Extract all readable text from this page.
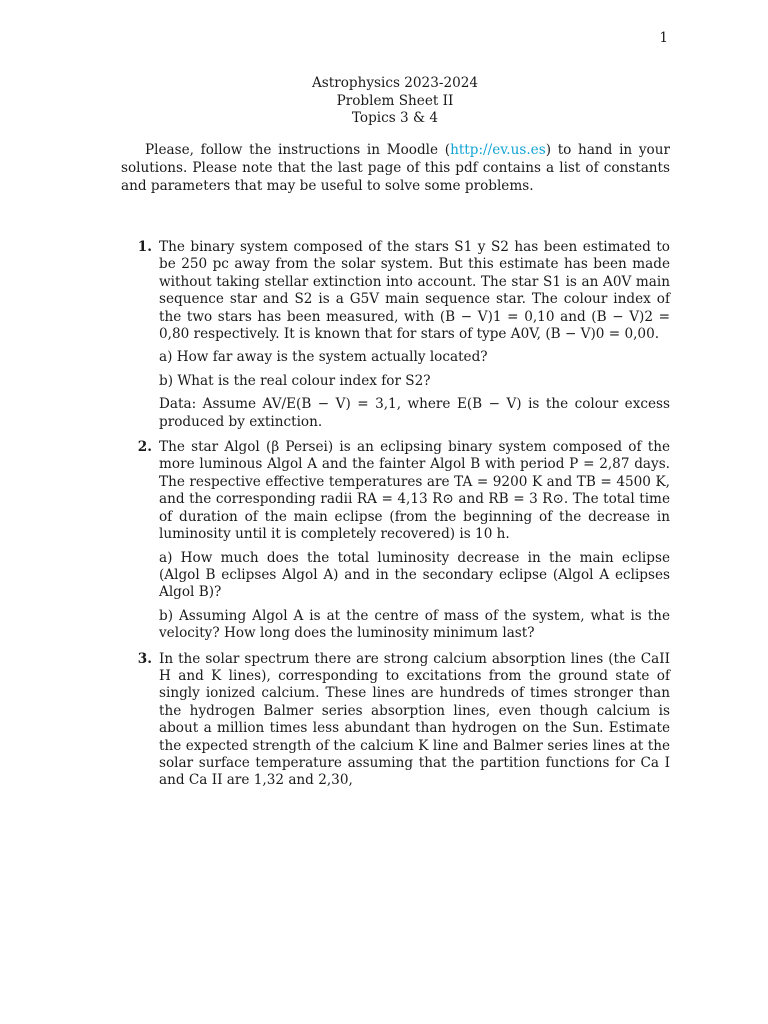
1
Astrophysics 2023-2024
Problem Sheet II
Topics 3 & 4
Please, follow the instructions in Moodle (http://ev.us.es) to hand in your solutions. Please note that the last page of this pdf contains a list of constants and parameters that may be useful to solve some problems.
1. The binary system composed of the stars S1 y S2 has been estimated to be 250 pc away from the solar system. But this estimate has been made without taking stellar extinction into account. The star S1 is an A0V main sequence star and S2 is a G5V main sequence star. The colour index of the two stars has been measured, with (B − V)1 = 0,10 and (B − V)2 = 0,80 respectively. It is known that for stars of type A0V, (B − V)0 = 0,00.

a) How far away is the system actually located?

b) What is the real colour index for S2?

Data: Assume AV/E(B − V) = 3,1, where E(B − V) is the colour excess produced by extinction.

2. The star Algol (β Persei) is an eclipsing binary system composed of the more luminous Algol A and the fainter Algol B with period P = 2,87 days. The respective effective temperatures are TA = 9200 K and TB = 4500 K, and the corresponding radii RA = 4,13 R⊙ and RB = 3 R⊙. The total time of duration of the main eclipse (from the beginning of the decrease in luminosity until it is completely recovered) is 10 h.

a) How much does the total luminosity decrease in the main eclipse (Algol B eclipses Algol A) and in the secondary eclipse (Algol A eclipses Algol B)?

b) Assuming Algol A is at the centre of mass of the system, what is the velocity? How long does the luminosity minimum last?

3. In the solar spectrum there are strong calcium absorption lines (the CaII H and K lines), corresponding to excitations from the ground state of singly ionized calcium. These lines are hundreds of times stronger than the hydrogen Balmer series absorption lines, even though calcium is about a million times less abundant than hydrogen on the Sun. Estimate the expected strength of the calcium K line and Balmer series lines at the solar surface temperature assuming that the partition functions for Ca I and Ca II are 1,32 and 2,30,
